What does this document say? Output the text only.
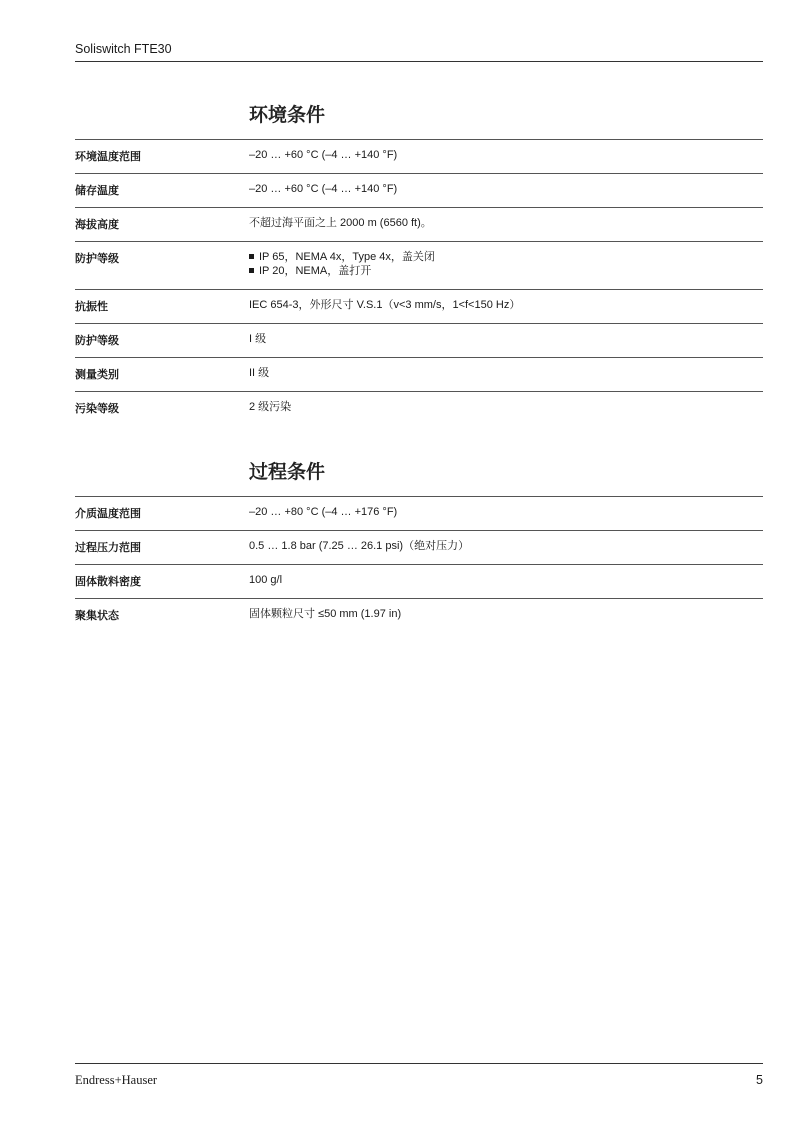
Soliswitch FTE30
环境条件
环境温度范围	–20 … +60 °C (–4 … +140 °F)
储存温度	–20 … +60 °C (–4 … +140 °F)
海拔高度	不超过海平面之上 2000 m (6560 ft)。
防护等级	IP 65，NEMA 4x，Type 4x，盖关闭
IP 20，NEMA，盖打开
抗振性	IEC 654-3，外形尺寸 V.S.1（v<3 mm/s，1<f<150 Hz）
防护等级	I 级
测量类别	II 级
污染等级	2 级污染
过程条件
介质温度范围	–20 … +80 °C (–4 … +176 °F)
过程压力范围	0.5 … 1.8 bar (7.25 … 26.1 psi)（绝对压力）
固体散料密度	100 g/l
聚集状态	固体颗粒尺寸 ≤50 mm (1.97 in)
Endress+Hauser	5
